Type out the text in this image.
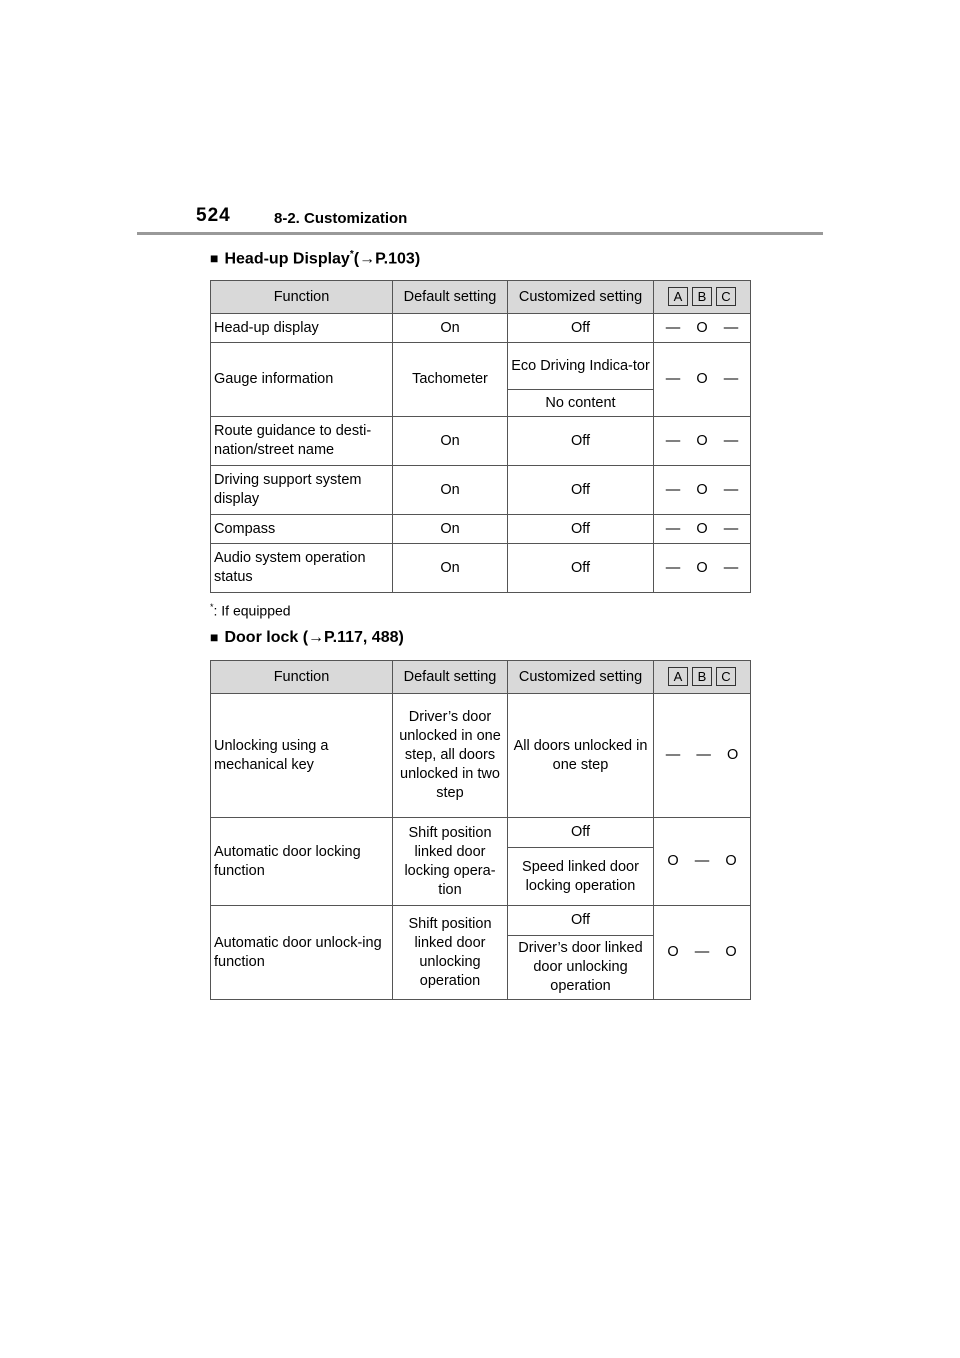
524	8-2. Customization
■ Head-up Display*(→P.103)
Function	Default setting	Customized setting	A B C
Head-up display	On	Off	— O —
Gauge information	Tachometer	Eco Driving Indica-tor	— O —
		No content	
Route guidance to desti-nation/street name	On	Off	— O —
Driving support system display	On	Off	— O —
Compass	On	Off	— O —
Audio system operation status	On	Off	— O —
*: If equipped
■ Door lock (→P.117, 488)
Function	Default setting	Customized setting	A B C
Unlocking using a mechanical key	Driver’s door unlocked in one step, all doors unlocked in two step	All doors unlocked in one step	— — O
Automatic door locking function	Shift position linked door locking opera-tion	Off	O — O
		Speed linked door locking operation	
Automatic door unlock-ing function	Shift position linked door unlocking operation	Off	O — O
		Driver’s door linked door unlocking operation	
